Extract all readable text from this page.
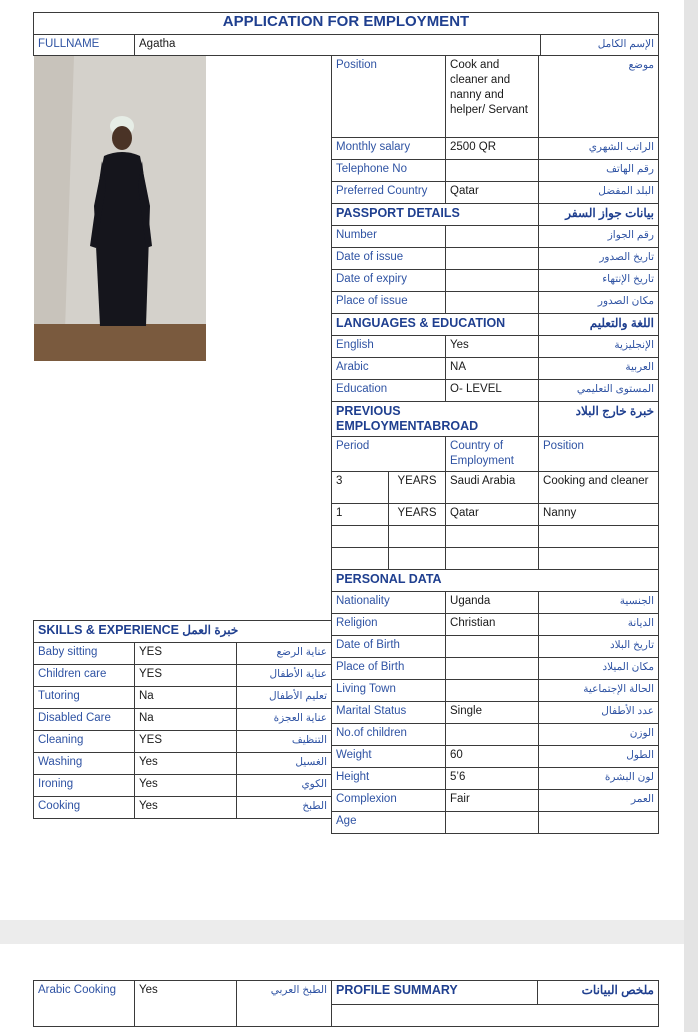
APPLICATION FOR EMPLOYMENT
FULLNAME	Agatha	الإسم الكامل
Position		Cook and cleaner and nanny and helper/ Servant	موضع
Monthly salary		2500 QR	الراتب الشهري
Telephone No			رقم الهاتف
Preferred Country		Qatar	البلد المفضل
PASSPORT DETAILS			بيانات جواز السفر
Number			رقم الجواز
Date of issue			تاريخ الصدور
Date of expiry			تاريخ الإنتهاء
Place of issue			مكان الصدور
LANGUAGES & EDUCATION			اللغة والتعليم
English		Yes	الإنجليزية
Arabic		NA	العربية
Education		O- LEVEL	المستوى التعليمي
PREVIOUS EMPLOYMENTABROAD			خبرة خارج البلاد
Period		Country of Employment	Position
3	YEARS	Saudi Arabia	Cooking and cleaner
1	YEARS	Qatar	Nanny

PERSONAL DATA			
Nationality		Uganda	الجنسية
Religion		Christian	الديانة
Date of Birth			تاريخ البلاد
Place of Birth			مكان الميلاد
Living Town			الحالة الإجتماعية
Marital Status		Single	عدد الأطفال
No.of children			الوزن
Weight		60	الطول
Height		5’6	لون البشرة
Complexion		Fair	العمر
Age			
SKILLS & EXPERIENCE خبرة العمل		
Baby sitting	YES	عناية الرضع
Children care	YES	عناية الأطفال
Tutoring	Na	تعليم الأطفال
Disabled Care	Na	عناية العجزة
Cleaning	YES	التنظيف
Washing	Yes	الغسيل
Ironing	Yes	الكوي
Cooking	Yes	الطبخ
Arabic Cooking	Yes	الطبخ العربي	PROFILE SUMMARY	ملخص البيانات
